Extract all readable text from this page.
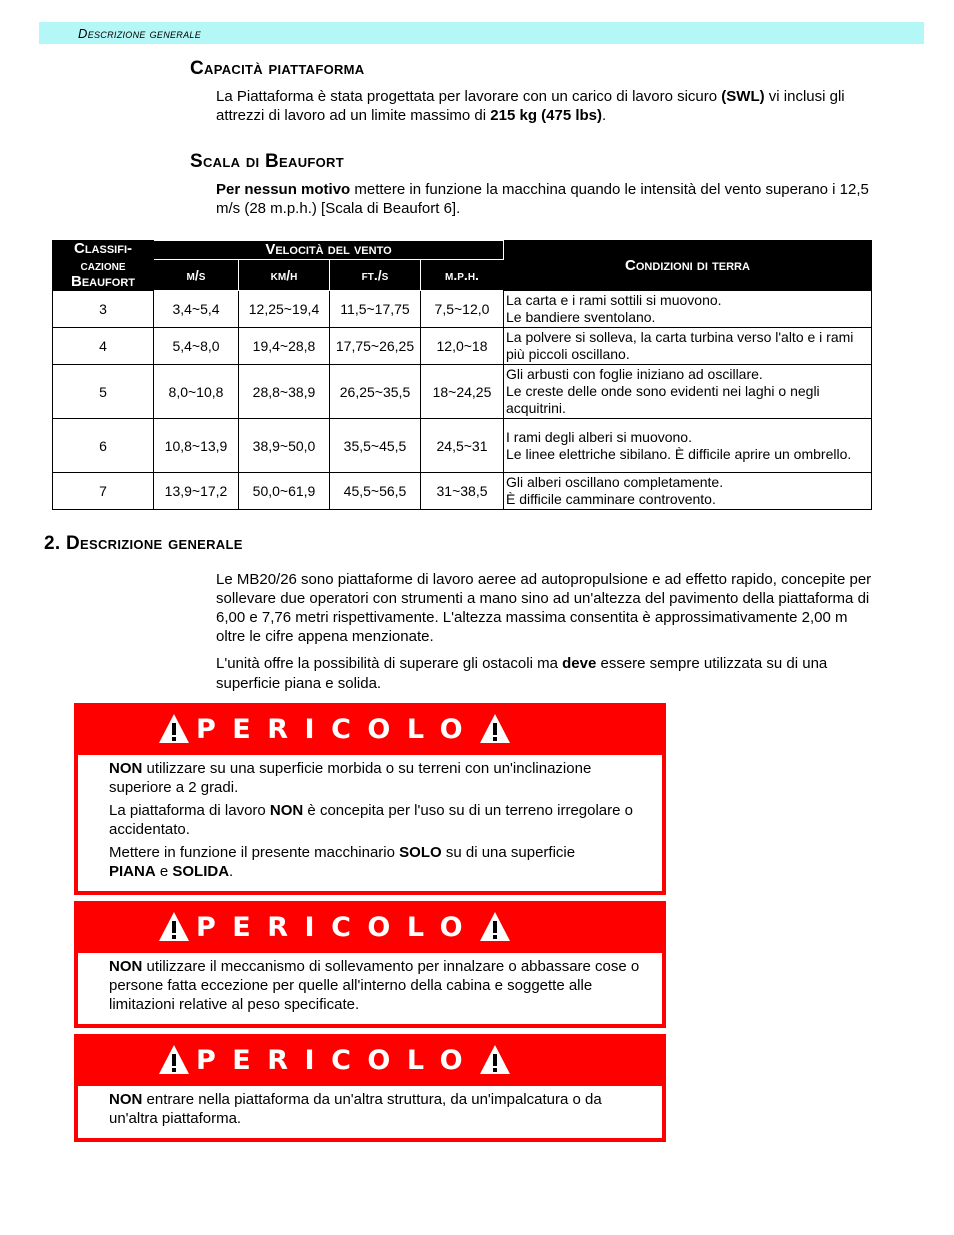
Descrizione generale
Capacità piattaforma
La Piattaforma è stata progettata per lavorare con un carico di lavoro sicuro (SWL) vi inclusi gli attrezzi di lavoro ad un limite massimo di 215 kg (475 lbs).
Scala di Beaufort
Per nessun motivo mettere in funzione la macchina quando le intensità del vento superano i 12,5 m/s (28 m.p.h.) [Scala di Beaufort 6].
Classifi-
cazione
Beaufort	Velocità del vento				Condizioni di terra
	m/s	km/h	ft./s	m.p.h.	
3	3,4~5,4	12,25~19,4	11,5~17,75	7,5~12,0	La carta e i rami sottili si muovono.
Le bandiere sventolano.
4	5,4~8,0	19,4~28,8	17,75~26,25	12,0~18	La polvere si solleva, la carta turbina verso l'alto e i rami più piccoli oscillano.
5	8,0~10,8	28,8~38,9	26,25~35,5	18~24,25	Gli arbusti con foglie iniziano ad oscillare.
Le creste delle onde sono evidenti nei laghi o negli acquitrini.
6	10,8~13,9	38,9~50,0	35,5~45,5	24,5~31	I rami degli alberi si muovono.
Le linee elettriche sibilano. È difficile aprire un ombrello.
7	13,9~17,2	50,0~61,9	45,5~56,5	31~38,5	Gli alberi oscillano completamente.
È difficile camminare controvento.
2. Descrizione generale
Le MB20/26 sono piattaforme di lavoro aeree ad autopropulsione e ad effetto rapido, concepite per sollevare due operatori con strumenti a mano sino ad un'altezza del pavimento della piattaforma di 6,00 e 7,76 metri rispettivamente. L'altezza massima consentita è approssimativamente 2,00 m oltre le cifre appena menzionate.
L'unità offre la possibilità di superare gli ostacoli ma deve essere sempre utilizzata su di una superficie piana e solida.
PERICOLO

NON utilizzare su una superficie morbida o su terreni con un'inclinazione superiore a 2 gradi.

La piattaforma di lavoro NON è concepita per l'uso su di un terreno irregolare o accidentato.

Mettere in funzione il presente macchinario SOLO su di una superficie
PIANA e SOLIDA.

PERICOLO

NON utilizzare il meccanismo di sollevamento per innalzare o abbassare cose o persone fatta eccezione per quelle all'interno della cabina e soggette alle limitazioni relative al peso specificate.

PERICOLO

NON entrare nella piattaforma da un'altra struttura, da un'impalcatura o da un'altra piattaforma.
